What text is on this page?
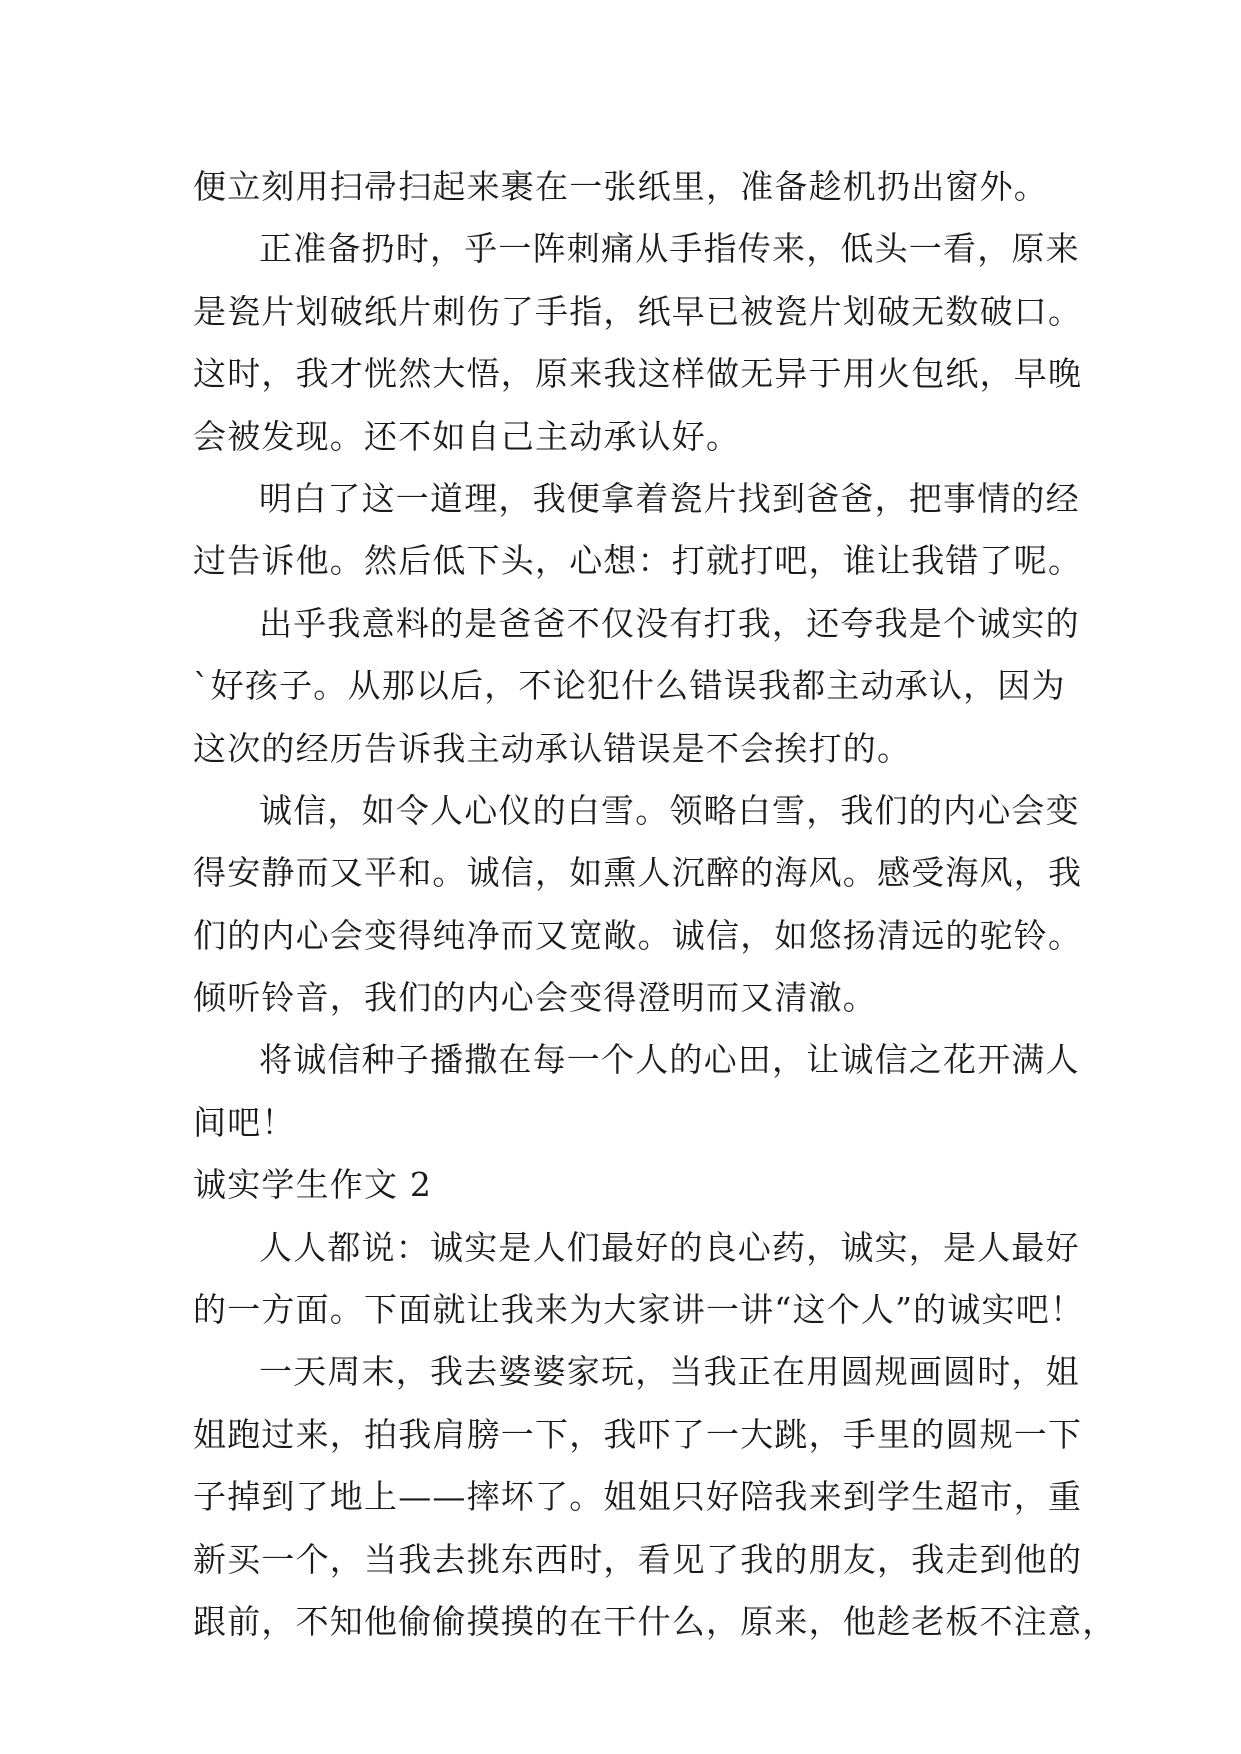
便立刻用扫帚扫起来裹在一张纸里，准备趁机扔出窗外。
正准备扔时，乎一阵刺痛从手指传来，低头一看，原来
是瓷片划破纸片刺伤了手指，纸早已被瓷片划破无数破口。
这时，我才恍然大悟，原来我这样做无异于用火包纸，早晚
会被发现。还不如自己主动承认好。
明白了这一道理，我便拿着瓷片找到爸爸，把事情的经
过告诉他。然后低下头，心想：打就打吧，谁让我错了呢。
出乎我意料的是爸爸不仅没有打我，还夸我是个诚实的
`好孩子。从那以后，不论犯什么错误我都主动承认，因为
这次的经历告诉我主动承认错误是不会挨打的。
诚信，如令人心仪的白雪。领略白雪，我们的内心会变
得安静而又平和。诚信，如熏人沉醉的海风。感受海风，我
们的内心会变得纯净而又宽敞。诚信，如悠扬清远的驼铃。
倾听铃音，我们的内心会变得澄明而又清澈。
将诚信种子播撒在每一个人的心田，让诚信之花开满人
间吧！
诚实学生作文 2
人人都说：诚实是人们最好的良心药，诚实，是人最好
的一方面。下面就让我来为大家讲一讲“这个人”的诚实吧！
一天周末，我去婆婆家玩，当我正在用圆规画圆时，姐
姐跑过来，拍我肩膀一下，我吓了一大跳，手里的圆规一下
子掉到了地上——摔坏了。姐姐只好陪我来到学生超市，重
新买一个，当我去挑东西时，看见了我的朋友，我走到他的
跟前，不知他偷偷摸摸的在干什么，原来，他趁老板不注意，
